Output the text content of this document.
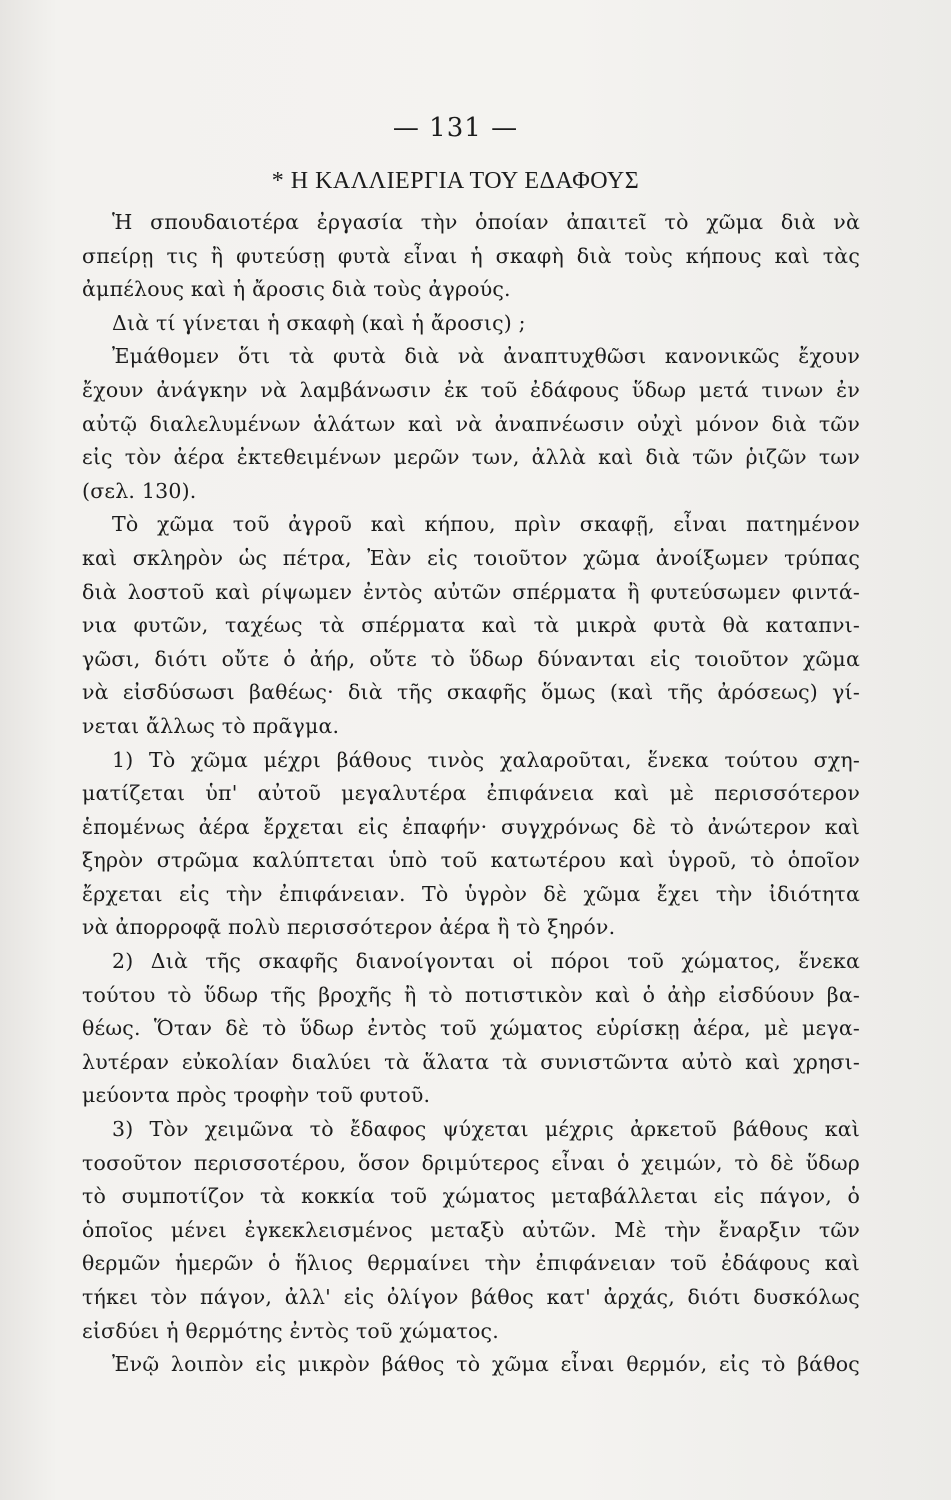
— 131 —
* Η ΚΑΛΛΙΕΡΓΙΑ ΤΟΥ ΕΔΑΦΟΥΣ
Ἡ σπουδαιοτέρα ἐργασία τὴν ὁποίαν ἀπαιτεῖ τὸ χῶμα διὰ νὰ
σπείρῃ τις ἢ φυτεύσῃ φυτὰ εἶναι ἡ σκαφὴ διὰ τοὺς κήπους καὶ τὰς
ἀμπέλους καὶ ἡ ἄροσις διὰ τοὺς ἀγρούς.
Διὰ τί γίνεται ἡ σκαφὴ (καὶ ἡ ἄροσις) ;
Ἐμάθομεν ὅτι τὰ φυτὰ διὰ νὰ ἀναπτυχθῶσι κανονικῶς ἔχουν
ἔχουν ἀνάγκην νὰ λαμβάνωσιν ἐκ τοῦ ἐδάφους ὕδωρ μετά τινων ἐν
αὐτῷ διαλελυμένων ἁλάτων καὶ νὰ ἀναπνέωσιν οὐχὶ μόνον διὰ τῶν
εἰς τὸν ἀέρα ἐκτεθειμένων μερῶν των, ἀλλὰ καὶ διὰ τῶν ῥιζῶν των
(σελ. 130).
Τὸ χῶμα τοῦ ἀγροῦ καὶ κήπου, πρὶν σκαφῇ, εἶναι πατημένον
καὶ σκληρὸν ὡς πέτρα, Ἐὰν εἰς τοιοῦτον χῶμα ἀνοίξωμεν τρύπας
διὰ λοστοῦ καὶ ρίψωμεν ἐντὸς αὐτῶν σπέρματα ἢ φυτεύσωμεν φιντά-
νια φυτῶν, ταχέως τὰ σπέρματα καὶ τὰ μικρὰ φυτὰ θὰ καταπνι-
γῶσι, διότι οὔτε ὁ ἀήρ, οὔτε τὸ ὕδωρ δύνανται εἰς τοιοῦτον χῶμα
νὰ εἰσδύσωσι βαθέως· διὰ τῆς σκαφῆς ὅμως (καὶ τῆς ἀρόσεως) γί-
νεται ἄλλως τὸ πρᾶγμα.
1) Τὸ χῶμα μέχρι βάθους τινὸς χαλαροῦται, ἕνεκα τούτου σχη-
ματίζεται ὑπ' αὐτοῦ μεγαλυτέρα ἐπιφάνεια καὶ μὲ περισσότερον
ἑπομένως ἀέρα ἔρχεται εἰς ἐπαφήν· συγχρόνως δὲ τὸ ἀνώτερον καὶ
ξηρὸν στρῶμα καλύπτεται ὑπὸ τοῦ κατωτέρου καὶ ὑγροῦ, τὸ ὁποῖον
ἔρχεται εἰς τὴν ἐπιφάνειαν. Τὸ ὑγρὸν δὲ χῶμα ἔχει τὴν ἰδιότητα
νὰ ἀπορροφᾷ πολὺ περισσότερον ἀέρα ἢ τὸ ξηρόν.
2) Διὰ τῆς σκαφῆς διανοίγονται οἱ πόροι τοῦ χώματος, ἕνεκα
τούτου τὸ ὕδωρ τῆς βροχῆς ἢ τὸ ποτιστικὸν καὶ ὁ ἀὴρ εἰσδύουν βα-
θέως. Ὅταν δὲ τὸ ὕδωρ ἐντὸς τοῦ χώματος εὑρίσκῃ ἀέρα, μὲ μεγα-
λυτέραν εὐκολίαν διαλύει τὰ ἅλατα τὰ συνιστῶντα αὐτὸ καὶ χρησι-
μεύοντα πρὸς τροφὴν τοῦ φυτοῦ.
3) Τὸν χειμῶνα τὸ ἔδαφος ψύχεται μέχρις ἀρκετοῦ βάθους καὶ
τοσοῦτον περισσοτέρου, ὅσον δριμύτερος εἶναι ὁ χειμών, τὸ δὲ ὕδωρ
τὸ συμποτίζον τὰ κοκκία τοῦ χώματος μεταβάλλεται εἰς πάγον, ὁ
ὁποῖος μένει ἐγκεκλεισμένος μεταξὺ αὐτῶν. Μὲ τὴν ἔναρξιν τῶν
θερμῶν ἡμερῶν ὁ ἥλιος θερμαίνει τὴν ἐπιφάνειαν τοῦ ἐδάφους καὶ
τήκει τὸν πάγον, ἀλλ' εἰς ὀλίγον βάθος κατ' ἀρχάς, διότι δυσκόλως
εἰσδύει ἡ θερμότης ἐντὸς τοῦ χώματος.
Ἐνῷ λοιπὸν εἰς μικρὸν βάθος τὸ χῶμα εἶναι θερμόν, εἰς τὸ βάθος
